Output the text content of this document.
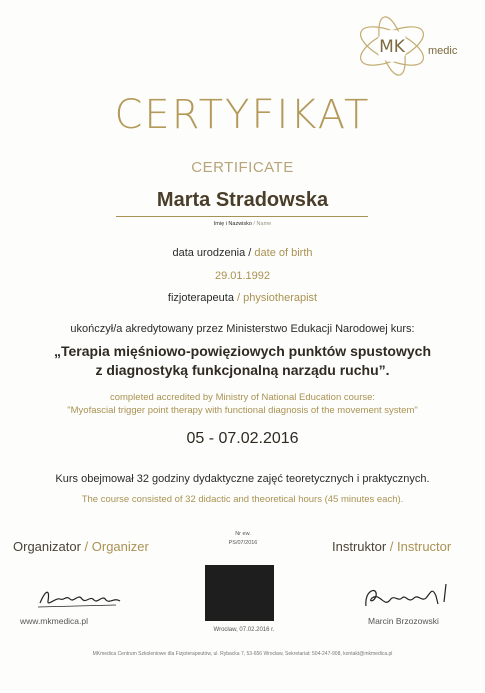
MK medic
CERTYFIKAT
CERTIFICATE
Marta Stradowska
Imię i Nazwisko / Name
data urodzenia / date of birth
29.01.1992
fizjoterapeuta / physiotherapist
ukończył/a akredytowany przez Ministerstwo Edukacji Narodowej kurs:
„Terapia mięśniowo-powięziowych punktów spustowych
z diagnostyką funkcjonalną narządu ruchu”.
completed accredited by Ministry of National Education course:
"Myofascial trigger point therapy with functional diagnosis of the movement system"
05 - 07.02.2016
Kurs obejmował 32 godziny dydaktyczne zajęć teoretycznych i praktycznych.
The course consisted of 32 didactic and theoretical hours (45 minutes each).
Organizator / Organizer
Nr ew.
PS/07/2016	Instruktor / Instructor
www.mkmedica.pl	Marcin Brzozowski
Wrocław, 07.02.2016 r.
MKmedica Centrum Szkoleniowe dla Fizjoterapeutów, ul. Rybacka 7, 53-656 Wrocław, Sekretariat: 504-247-908, kontakt@mkmedica.pl
